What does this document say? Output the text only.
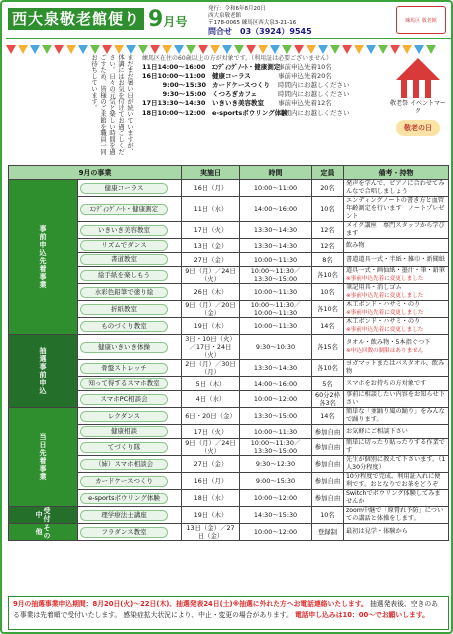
西大泉敬老館便り 9月号
発行：令和6年8月20日
西大泉敬老館
〒178-0065 練馬区西大泉3-21-16
問合せ　 03（3924）9545
練馬区 敬老館
まだまだ暑い日が続いていますが、体調にはお気を付けてお過ごしください。日々の元気と楽しい時間を過ごすため、皆様のご来館を職員一同お待ちしています。	練馬区在住の60歳以上の方が対象です。（利用証は必要ございません）
11日14:00～16:00	ｴﾝﾃﾞｨﾝｸﾞﾉｰﾄ・健康測定
事前申込先着10名
16日10:00～11:00	健康コーラス	事前申込先着20名
9:00～15:30 カードケースつくり	時間内にお越しください
9:30～15:00 くつろぎカフェ	時間内にお越しください
17日13:30～14:30	いきいき美容教室	事前申込先着12名
18日10:00～12:00	e-sportsボウリング体験
時間内にお越しください
敬老祭 イベントマーク
敬老の日
9月の事業		実施日	時間	定員	備考・持物
事前申込先着事業	健康コーラス	16日（月）	10:00～11:00	20名	発声を学んで、ピアノに合わせてみんなで合唱しましょう
	ｴﾝﾃﾞｨﾝｸﾞﾉｰﾄ・健康測定	11日（水）	14:00～16:00	10名	エンディングノートの書き方と血管年齢測定を行います　ノートプレゼント
	いきいき美容教室	17日（火）	13:30～14:30	12名	メイク講座　専門スタッフから学びます
	リズムでダンス	13日（金）	13:30～14:30	12名	飲み物
	書道教室	27日（金）	10:00～11:30	8名	書道道具一式・半紙・雑巾・新聞紙
	絵手紙を楽しもう	9日（月）／24日（火）	10:00～11:30／13:30～15:00	各10名	道具一式・画仙紙・墨汁・筆・鉛筆
※事前申込先着に変更しました

	水彩色鉛筆で塗り絵	26日（木）	10:00～11:30	10名	筆記用具・消しゴム
※事前申込先着に変更しました

	折紙教室	9日（月）／20日（金）	10:00～11:30／10:00～11:30	各10名	木工ボンド・ハサミ・のり
※事前申込先着に変更しました

	ものづくり教室	19日（木）	10:00～11:30	14名	木工ボンド・ハサミ・のり
※事前申込先着に変更しました

抽選事前申込	健康いきいき体操	3日・10日（火）／17日・24日（火）	9:30～10:30	各15名	タオル・飲み物・5本指ぐつ下
※申込回数の制限はありません

	骨盤ストレッチ	2日（月）／30日（月）	13:30～14:30	各10名	ヨガマットまたはバスタオル、飲み物
	知って得するスマホ教室	5日（木）	14:00～16:00	5名	スマホをお持ちの方対象です
	スマホPC相談会	4日（水）	10:00～12:00	60分2枠各3名	事前に相談したい内容をお知らせ下さい
当日先着事業	レクダンス	6日・20日（金）	13:30～15:00	14名	簡単な「並踊り風の踊り」をみんなで踊ります。
	健康相談	17日（火）	10:00～11:30	参加自由	お気軽にご相談下さい
	てづくり隊	9日（月）／24日（火）	10:00～11:30／13:30～15:00	参加自由	簡単に切ったり貼ったりする作業です
	（姉）スマホ相談会	27日（金）	9:30～12:30	参加自由	先生が個別に教えて下さいます。（1人30分程度）
	カードケースつくり	16日（月）	9:00～15:30	参加自由	10分程度で完成。利用証入れに便利です。おとなりでお茶をどうぞ
	e-sportsボウリング体験	18日（水）	10:00～12:00	参加自由	Switchでボウリング体験してみませんか
受付中	理学療法士講座	19日（木）	14:30～15:30	10名	zoom中継で「原膏れ予防」についての講話と体操をします。
その他	フラダンス教室	13日（金）／27日（金）	10:00～12:00	登録制	最初は見学・体験から
9月の抽選事業申込期間：8月20日(火)～22日(木)、抽選発表24日(土)※抽選に外れた方へお電話連絡いたします。 抽選発表後、空きのある事業は先着順で受付いたします。 感染症拡大状況により、中止・変更の場合があります。 電話申し込みは10：00～でお願いします。
